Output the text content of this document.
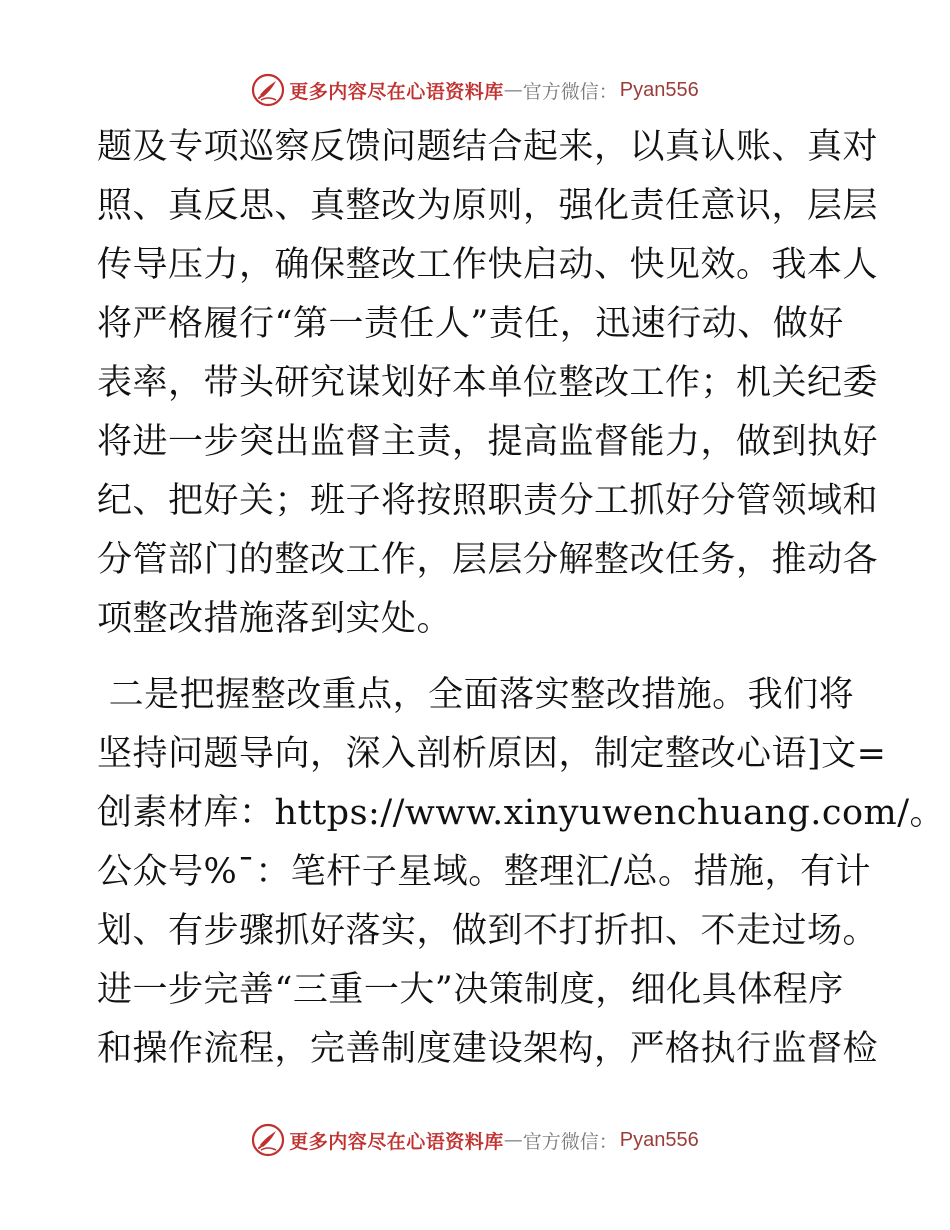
更多内容尽在心语资料库 — 官方微信： Pyan556

题及专项巡察反馈问题结合起来，以真认账、真对
照、真反思、真整改为原则，强化责任意识，层层
传导压力，确保整改工作快启动、快见效。我本人
将严格履行“第一责任人”责任，迅速行动、做好
表率，带头研究谋划好本单位整改工作；机关纪委
将进一步突出监督主责，提高监督能力，做到执好
纪、把好关；班子将按照职责分工抓好分管领域和
分管部门的整改工作，层层分解整改任务，推动各
项整改措施落到实处。

二是把握整改重点，全面落实整改措施。我们将
坚持问题导向，深入剖析原因，制定整改心语]文=
创素材库：https://www.xinyuwenchuang.com/。
公众号%¯：笔杆子星域。整理汇/总。措施，有计
划、有步骤抓好落实，做到不打折扣、不走过场。
进一步完善“三重一大”决策制度，细化具体程序
和操作流程，完善制度建设架构，严格执行监督检

更多内容尽在心语资料库 — 官方微信： Pyan556
